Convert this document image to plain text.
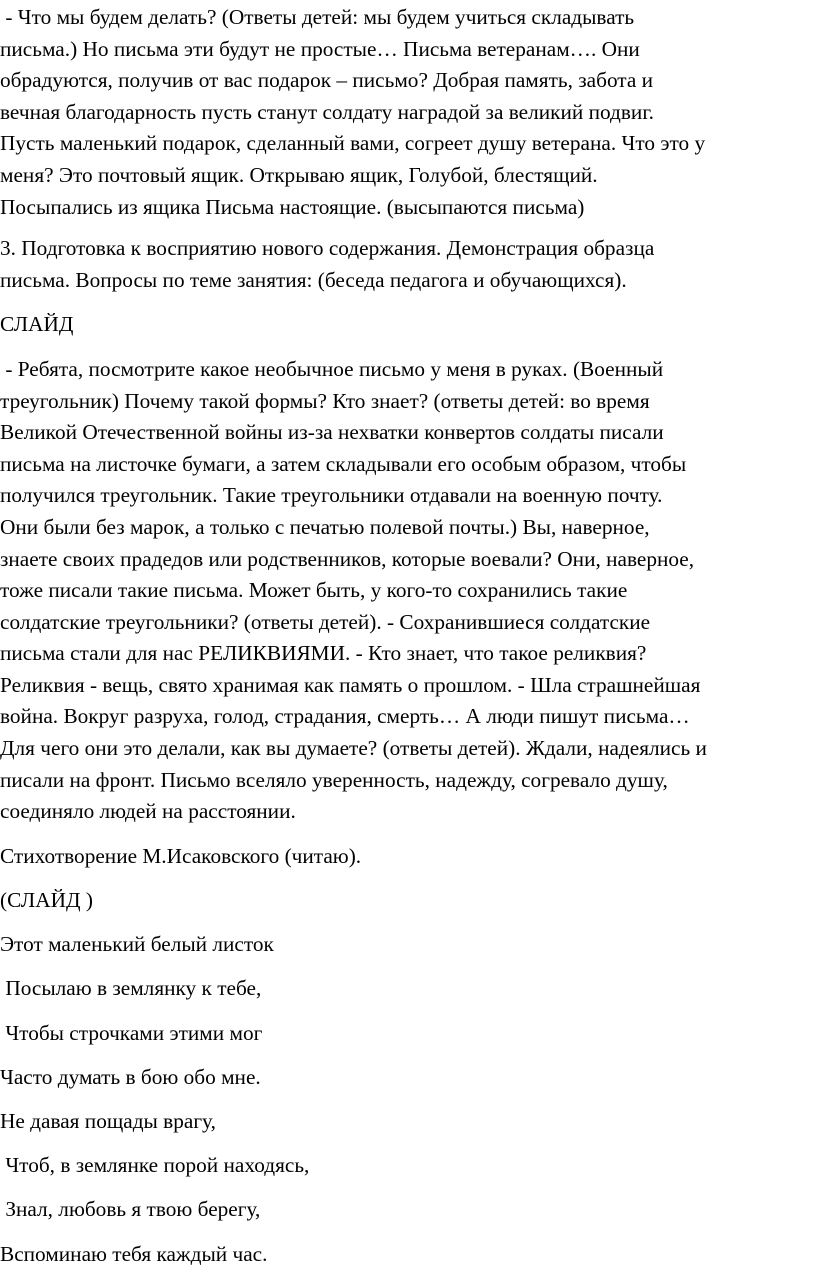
- Что мы будем делать? (Ответы детей: мы будем учиться складывать

письма.) Но письма эти будут не простые… Письма ветеранам…. Они

обрадуются, получив от вас подарок – письмо? Добрая память, забота и

вечная благодарность пусть станут солдату наградой за великий подвиг.

Пусть маленький подарок, сделанный вами, согреет душу ветерана. Что это у

меня? Это почтовый ящик. Открываю ящик, Голубой, блестящий.

Посыпались из ящика Письма настоящие. (высыпаются письма)

3. Подготовка к восприятию нового содержания. Демонстрация образца

письма. Вопросы по теме занятия: (беседа педагога и обучающихся).

СЛАЙД

- Ребята, посмотрите какое необычное письмо у меня в руках. (Военный

треугольник) Почему такой формы? Кто знает? (ответы детей: во время

Великой Отечественной войны из-за нехватки конвертов солдаты писали

письма на листочке бумаги, а затем складывали его особым образом, чтобы

получился треугольник. Такие треугольники отдавали на военную почту.

Они были без марок, а только с печатью полевой почты.) Вы, наверное,

знаете своих прадедов или родственников, которые воевали? Они, наверное,

тоже писали такие письма. Может быть, у кого-то сохранились такие

солдатские треугольники? (ответы детей). - Сохранившиеся солдатские

письма стали для нас РЕЛИКВИЯМИ. - Кто знает, что такое реликвия?

Реликвия - вещь, свято хранимая как память о прошлом. - Шла страшнейшая

война. Вокруг разруха, голод, страдания, смерть… А люди пишут письма…

Для чего они это делали, как вы думаете? (ответы детей). Ждали, надеялись и

писали на фронт. Письмо вселяло уверенность, надежду, согревало душу,

соединяло людей на расстоянии.

Стихотворение М.Исаковского (читаю).

(СЛАЙД )

Этот маленький белый листок

Посылаю в землянку к тебе,

Чтобы строчками этими мог

Часто думать в бою обо мне.

Не давая пощады врагу,

Чтоб, в землянке порой находясь,

Знал, любовь я твою берегу,

Вспоминаю тебя каждый час.
